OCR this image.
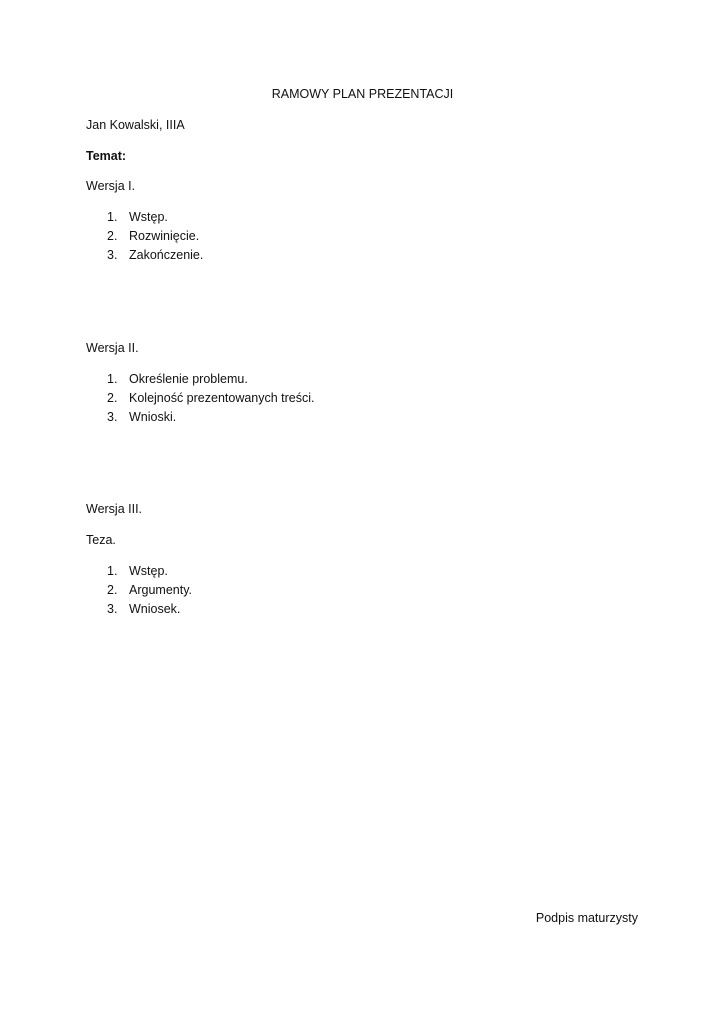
RAMOWY PLAN PREZENTACJI
Jan Kowalski, IIIA
Temat:
Wersja I.
1. Wstęp.
2. Rozwinięcie.
3. Zakończenie.
Wersja II.
1. Określenie problemu.
2. Kolejność prezentowanych treści.
3. Wnioski.
Wersja III.
Teza.
1. Wstęp.
2. Argumenty.
3. Wniosek.
Podpis maturzysty
